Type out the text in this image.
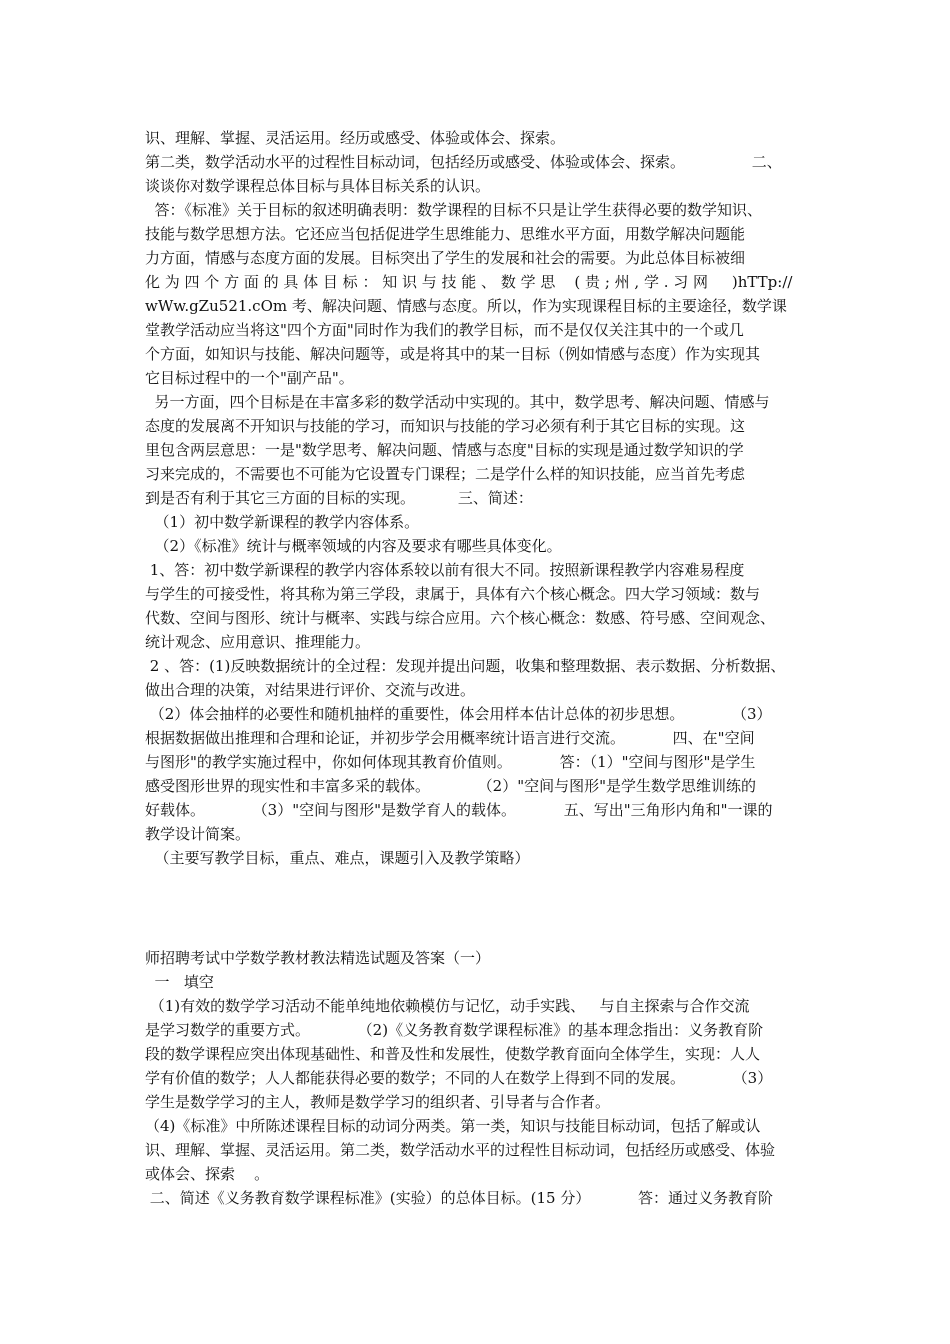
识、理解、掌握、灵活运用。经历或感受、体验或体会、探索。
第二类，数学活动水平的过程性目标动词，包括经历或感受、体验或体会、探索。              二、
谈谈你对数学课程总体目标与具体目标关系的认识。
答：《标准》关于目标的叙述明确表明：数学课程的目标不只是让学生获得必要的数学知识、
技能与数学思想方法。它还应当包括促进学生思维能力、思维水平方面，用数学解决问题能
力方面，情感与态度方面的发展。目标突出了学生的发展和社会的需要。为此总体目标被细
化 为 四 个 方 面 的 具 体 目 标 ： 知 识 与 技 能 、 数 学 思    ( 贵 ; 州 , 学 . 习 网     )hTTp://
wWw.gZu521.cOm 考、解决问题、情感与态度。所以，作为实现课程目标的主要途径，数学课
堂教学活动应当将这"四个方面"同时作为我们的教学目标，而不是仅仅关注其中的一个或几
个方面，如知识与技能、解决问题等，或是将其中的某一目标（例如情感与态度）作为实现其
它目标过程中的一个"副产品"。
另一方面，四个目标是在丰富多彩的数学活动中实现的。其中，数学思考、解决问题、情感与
态度的发展离不开知识与技能的学习，而知识与技能的学习必须有利于其它目标的实现。这
里包含两层意思：一是"数学思考、解决问题、情感与态度"目标的实现是通过数学知识的学
习来完成的，不需要也不可能为它设置专门课程；二是学什么样的知识技能，应当首先考虑
到是否有利于其它三方面的目标的实现。         三、简述：
（1）初中数学新课程的教学内容体系。
（2）《标准》统计与概率领域的内容及要求有哪些具体变化。
1、答：初中数学新课程的教学内容体系较以前有很大不同。按照新课程教学内容难易程度
与学生的可接受性，将其称为第三学段，隶属于，具体有六个核心概念。四大学习领域：数与
代数、空间与图形、统计与概率、实践与综合应用。六个核心概念：数感、符号感、空间观念、
统计观念、应用意识、推理能力。
2 、答：(1)反映数据统计的全过程：发现并提出问题，收集和整理数据、表示数据、分析数据、
做出合理的决策，对结果进行评价、交流与改进。
（2）体会抽样的必要性和随机抽样的重要性，体会用样本估计总体的初步思想。          （3）
根据数据做出推理和合理和论证，并初步学会用概率统计语言进行交流。          四、在"空间
与图形"的教学实施过程中，你如何体现其教育价值则。          答：（1）"空间与图形"是学生
感受图形世界的现实性和丰富多采的载体。          （2）"空间与图形"是学生数学思维训练的
好载体。          （3）"空间与图形"是数学育人的载体。          五、写出"三角形内角和"一课的
教学设计简案。
（主要写教学目标，重点、难点，课题引入及教学策略）
师招聘考试中学数学教材教法精选试题及答案（一）
一   填空
（1)有效的数学学习活动不能单纯地依赖模仿与记忆，动手实践、   与自主探索与合作交流
是学习数学的重要方式。          （2)《义务教育数学课程标准》的基本理念指出：义务教育阶
段的数学课程应突出体现基础性、和普及性和发展性，使数学教育面向全体学生，实现：人人
学有价值的数学；人人都能获得必要的数学；不同的人在数学上得到不同的发展。          （3）
学生是数学学习的主人，教师是数学学习的组织者、引导者与合作者。
（4)《标准》中所陈述课程目标的动词分两类。第一类，知识与技能目标动词，包括了解或认
识、理解、掌握、灵活运用。第二类，数学活动水平的过程性目标动词，包括经历或感受、体验
或体会、探索    。
二、简述《义务教育数学课程标准》(实验）的总体目标。(15 分）          答：通过义务教育阶
